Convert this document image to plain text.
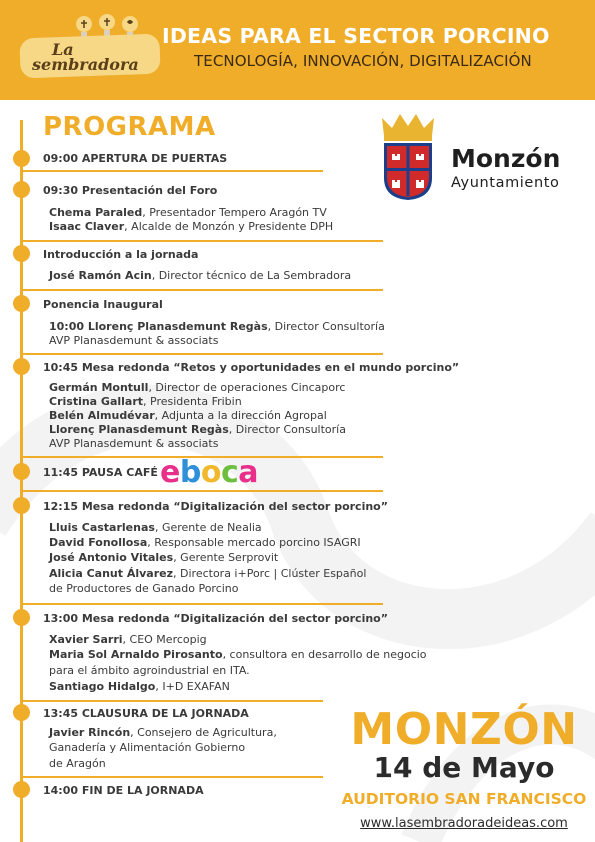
La
sembradora
IDEAS PARA EL SECTOR PORCINO
TECNOLOGÍA, INNOVACIÓN, DIGITALIZACIÓN
Monzón
Ayuntamiento
PROGRAMA
09:00 APERTURA DE PUERTAS
09:30 Presentación del Foro
Chema Paraled, Presentador Tempero Aragón TV
Isaac Claver, Alcalde de Monzón y Presidente DPH
Introducción a la jornada
José Ramón Acin, Director técnico de La Sembradora
Ponencia Inaugural
10:00 Llorenç Planasdemunt Regàs, Director Consultoría
AVP Planasdemunt & associats
10:45 Mesa redonda “Retos y oportunidades en el mundo porcino”
Germán Montull, Director de operaciones Cincaporc
Cristina Gallart, Presidenta Fribin
Belén Almudévar, Adjunta a la dirección Agropal
Llorenç Planasdemunt Regàs, Director Consultoría
AVP Planasdemunt & associats
11:45 PAUSA CAFÉ eboca
12:15 Mesa redonda “Digitalización del sector porcino”
Lluis Castarlenas, Gerente de Nealia
David Fonollosa, Responsable mercado porcino ISAGRI
José Antonio Vitales, Gerente Serprovit
Alicia Canut Álvarez, Directora i+Porc | Clúster Español
de Productores de Ganado Porcino
13:00 Mesa redonda “Digitalización del sector porcino”
Xavier Sarri, CEO Mercopig
Maria Sol Arnaldo Pirosanto, consultora en desarrollo de negocio
para el ámbito agroindustrial en ITA.
Santiago Hidalgo, I+D EXAFAN
13:45 CLAUSURA DE LA JORNADA
Javier Rincón, Consejero de Agricultura,
Ganadería y Alimentación Gobierno
de Aragón
14:00 FIN DE LA JORNADA
MONZÓN
14 de Mayo
AUDITORIO SAN FRANCISCO
www.lasembradoradeideas.com
